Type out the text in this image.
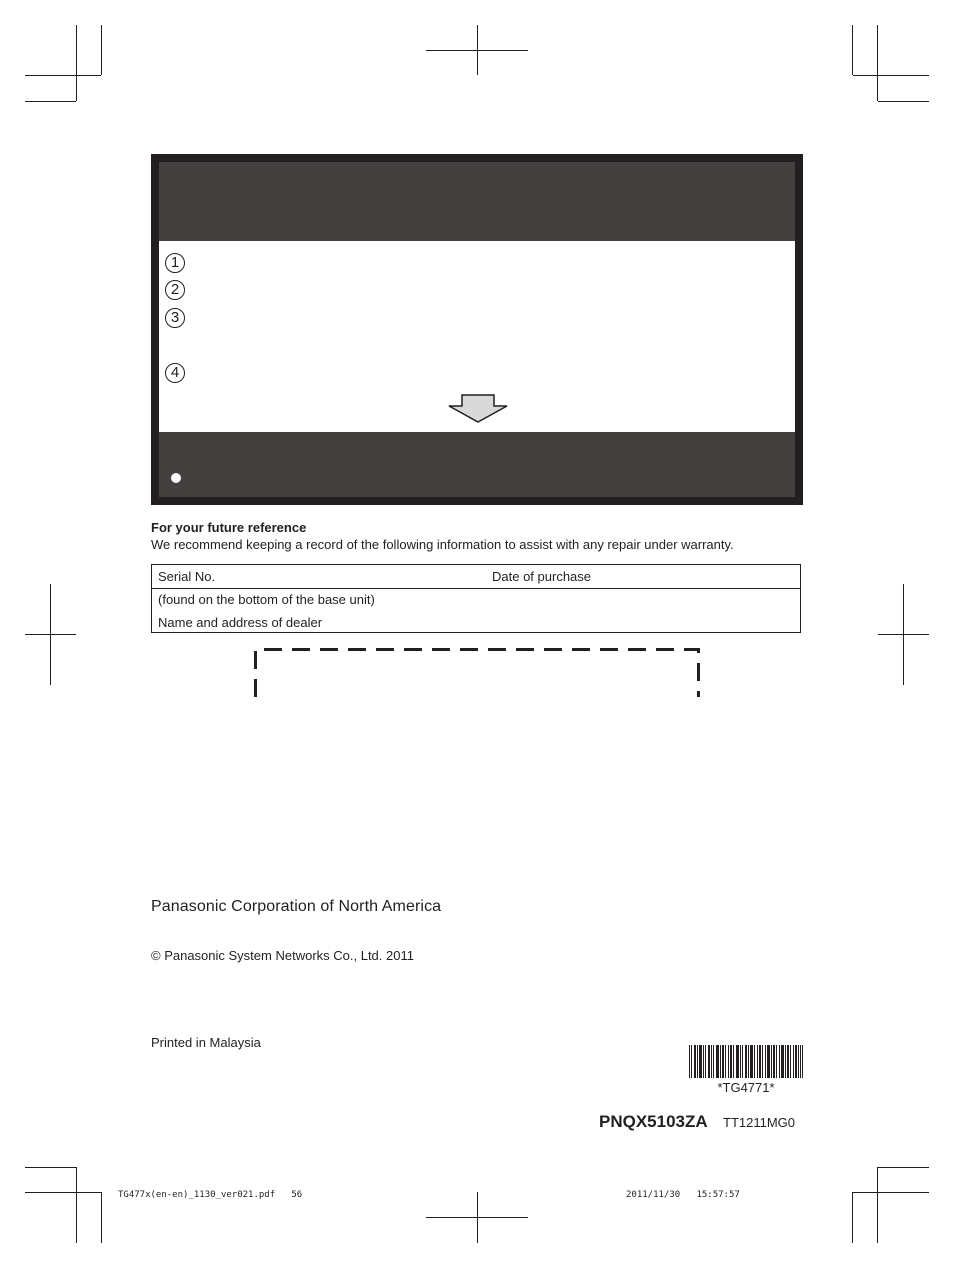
1
2
3
4
For your future reference
We recommend keeping a record of the following information to assist with any repair under warranty.
Serial No.	Date of purchase
(found on the bottom of the base unit)
Name and address of dealer
Panasonic Corporation of North America
© Panasonic System Networks Co., Ltd. 2011
Printed in Malaysia
*TG4771*
PNQX5103ZA TT1211MG0
TG477x(en-en)_1130_ver021.pdf   56	2011/11/30   15:57:57
